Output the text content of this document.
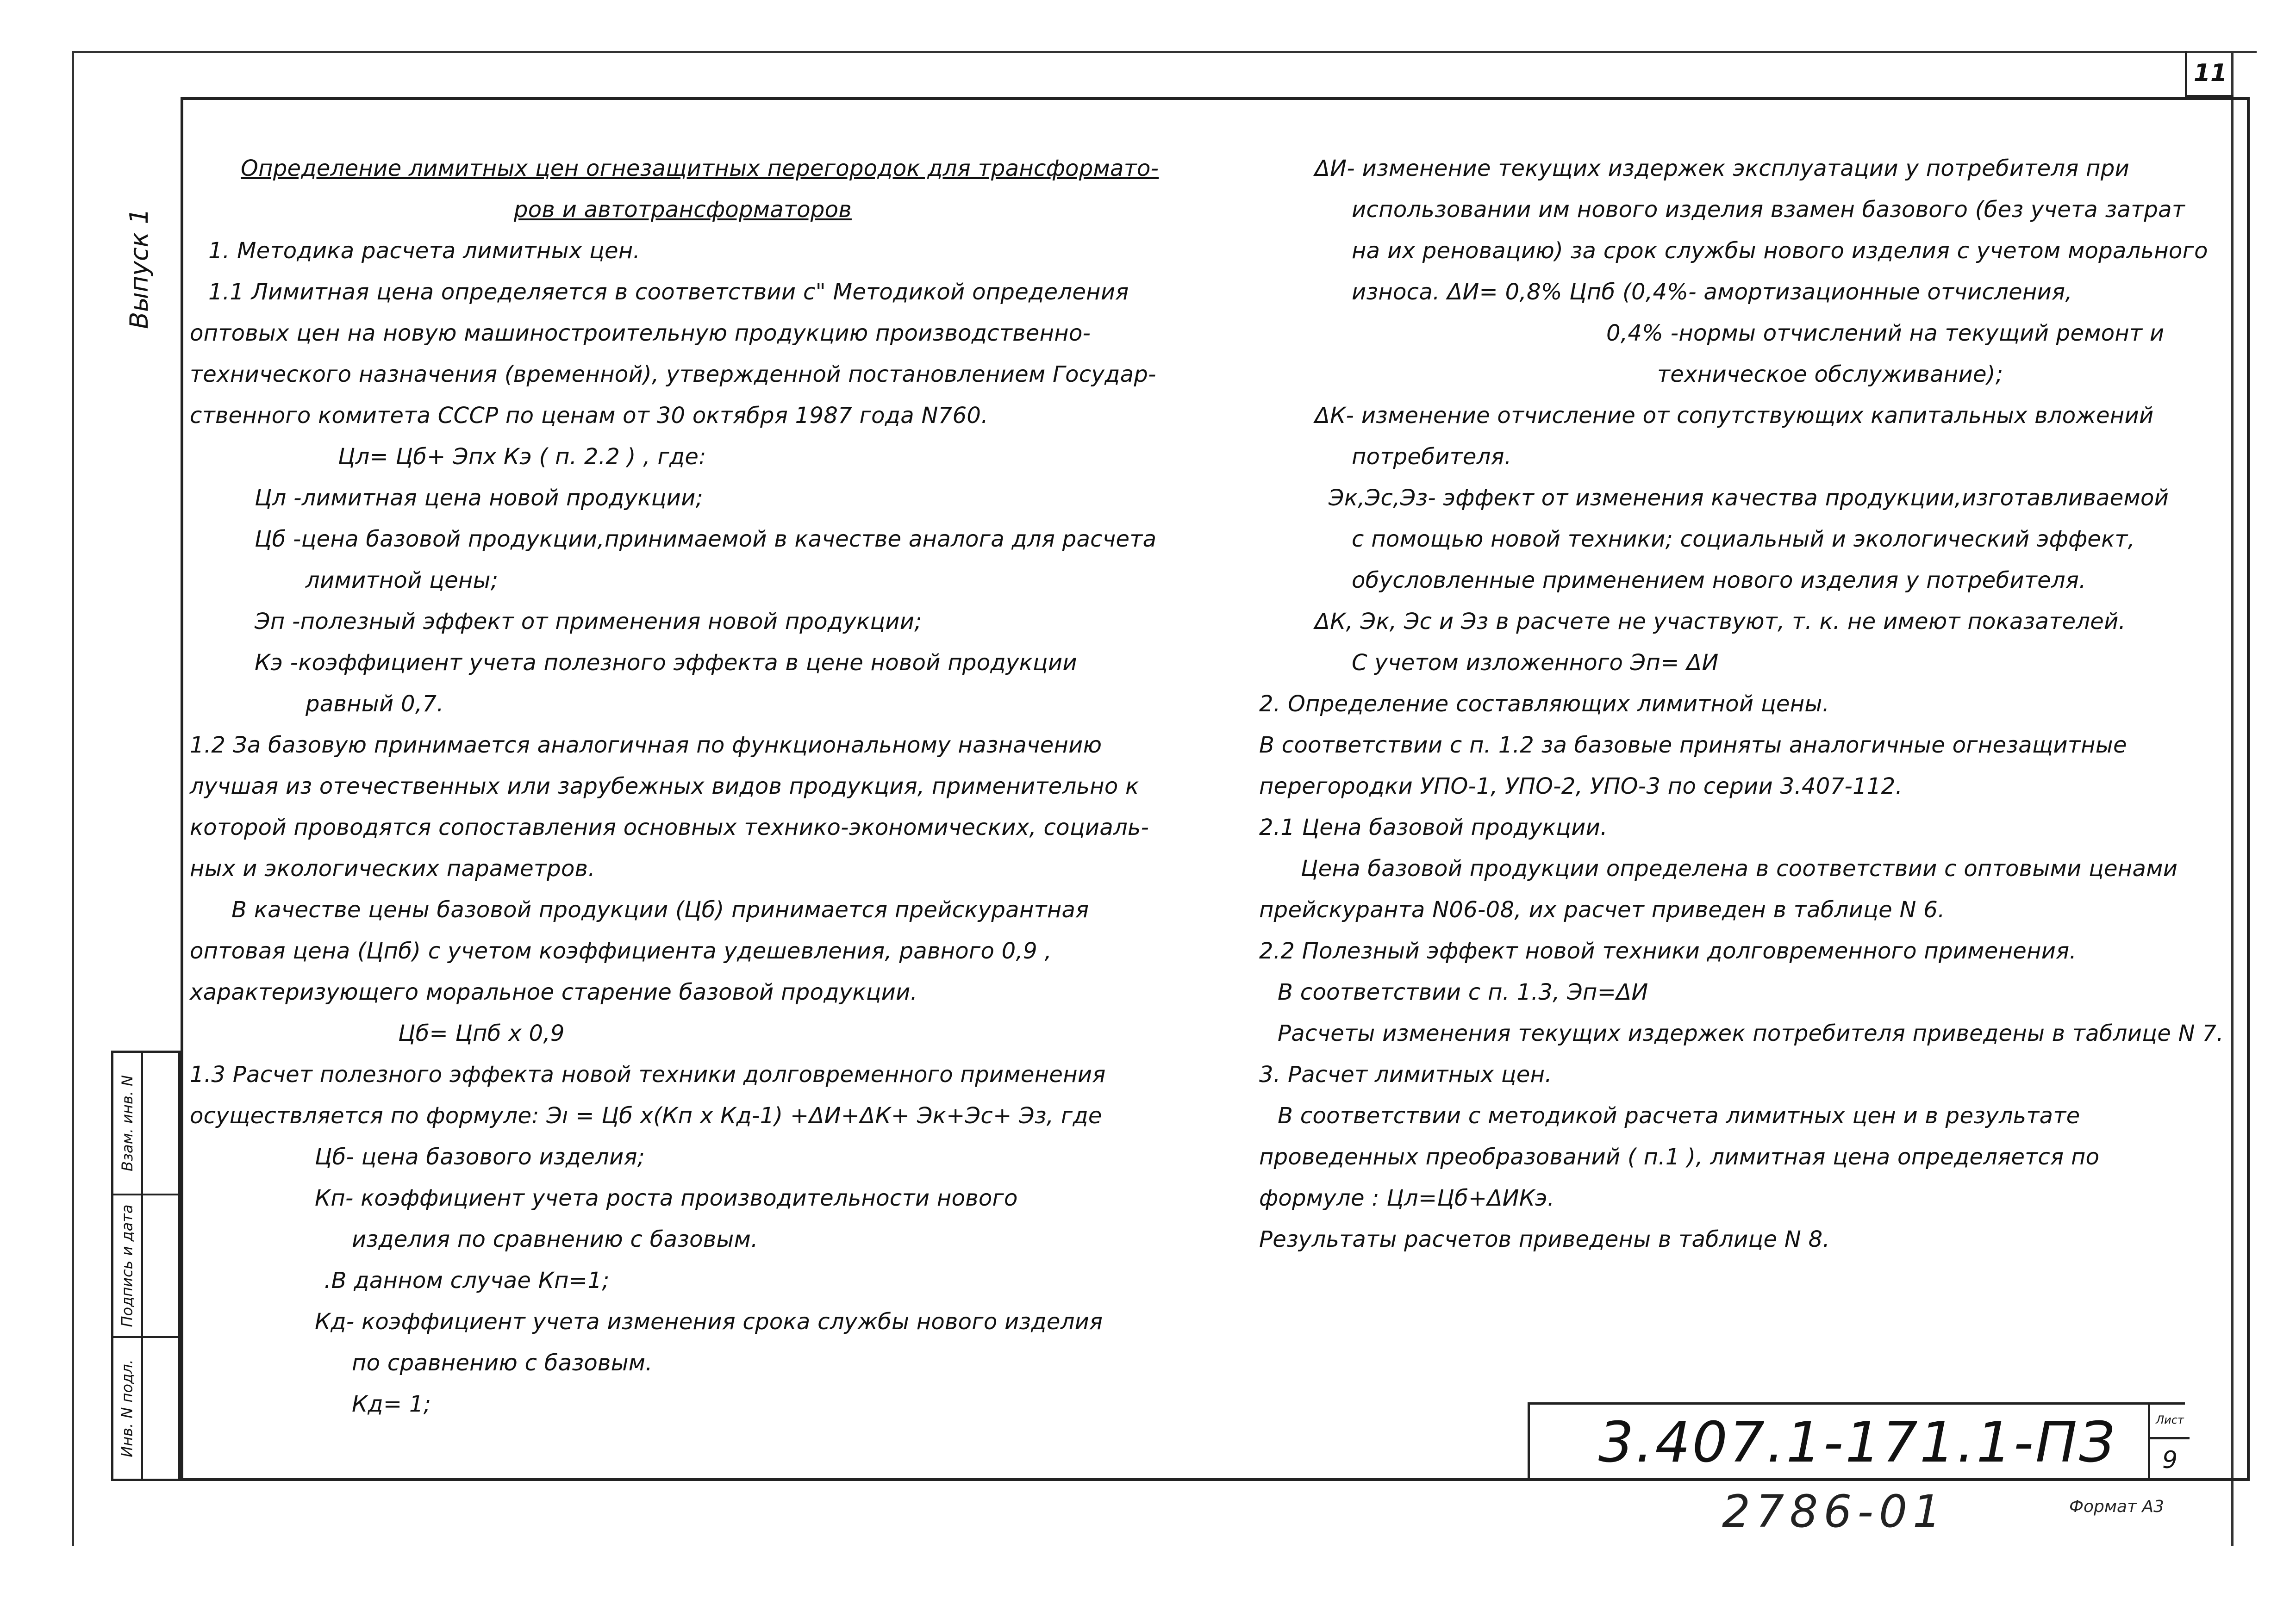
11
Выпуск 1
Взам. инв. N
Подпись и дата
Инв. N подл.
Определение лимитных цен огнезащитных перегородок для трансформато-
ров и автотрансформаторов
1. Методика расчета лимитных цен.
1.1 Лимитная цена определяется в соответствии с" Методикой определения
оптовых цен на новую машиностроительную продукцию производственно-
технического назначения (временной), утвержденной постановлением Государ-
ственного комитета СССР по ценам от 30 октября 1987 года N760.
Цл= Цб+ Эпх Кэ ( п. 2.2 ) , где:
Цл -лимитная цена новой продукции;
Цб -цена базовой продукции,принимаемой в качестве аналога для расчета
лимитной цены;
Эп -полезный эффект от применения новой продукции;
Кэ -коэффициент учета полезного эффекта в цене новой продукции
равный 0,7.
1.2 За базовую принимается аналогичная по функциональному назначению
лучшая из отечественных или зарубежных видов продукция, применительно к
которой проводятся сопоставления основных технико-экономических, социаль-
ных и экологических параметров.
В качестве цены базовой продукции (Цб) принимается прейскурантная
оптовая цена (Цпб) с учетом коэффициента удешевления, равного 0,9 ,
характеризующего моральное старение базовой продукции.
Цб= Цпб х 0,9
1.3 Расчет полезного эффекта новой техники долговременного применения
осуществляется по формуле: Эı = Цб х(Кп х Кд-1) +ΔИ+ΔК+ Эк+Эс+ Эз, где
Цб- цена базового изделия;
Кп- коэффициент учета роста производительности нового
изделия по сравнению с базовым.
.В данном случае Кп=1;
Кд- коэффициент учета изменения срока службы нового изделия
по сравнению с базовым.
Кд= 1;
ΔИ- изменение текущих издержек эксплуатации у потребителя при
использовании им нового изделия взамен базового (без учета затрат
на их реновацию) за срок службы нового изделия с учетом морального
износа. ΔИ= 0,8% Цпб (0,4%- амортизационные отчисления,
0,4% -нормы отчислений на текущий ремонт и
техническое обслуживание);
ΔК- изменение отчисление от сопутствующих капитальных вложений
потребителя.
Эк,Эс,Эз- эффект от изменения качества продукции,изготавливаемой
с помощью новой техники; социальный и экологический эффект,
обусловленные применением нового изделия у потребителя.
ΔК, Эк, Эс и Эз в расчете не участвуют, т. к. не имеют показателей.
С учетом изложенного Эп= ΔИ
2. Определение составляющих лимитной цены.
В соответствии с п. 1.2 за базовые приняты аналогичные огнезащитные
перегородки УПО-1, УПО-2, УПО-3 по серии 3.407-112.
2.1 Цена базовой продукции.
Цена базовой продукции определена в соответствии с оптовыми ценами
прейскуранта N06-08, их расчет приведен в таблице N 6.
2.2 Полезный эффект новой техники долговременного применения.
В соответствии с п. 1.3, Эп=ΔИ
Расчеты изменения текущих издержек потребителя приведены в таблице N 7.
3. Расчет лимитных цен.
В соответствии с методикой расчета лимитных цен и в результате
проведенных преобразований ( п.1 ), лимитная цена определяется по
формуле : Цл=Цб+ΔИКэ.
Результаты расчетов приведены в таблице N 8.
3.407.1-171.1-ПЗ	Лист
9
2786-01	Формат А3
